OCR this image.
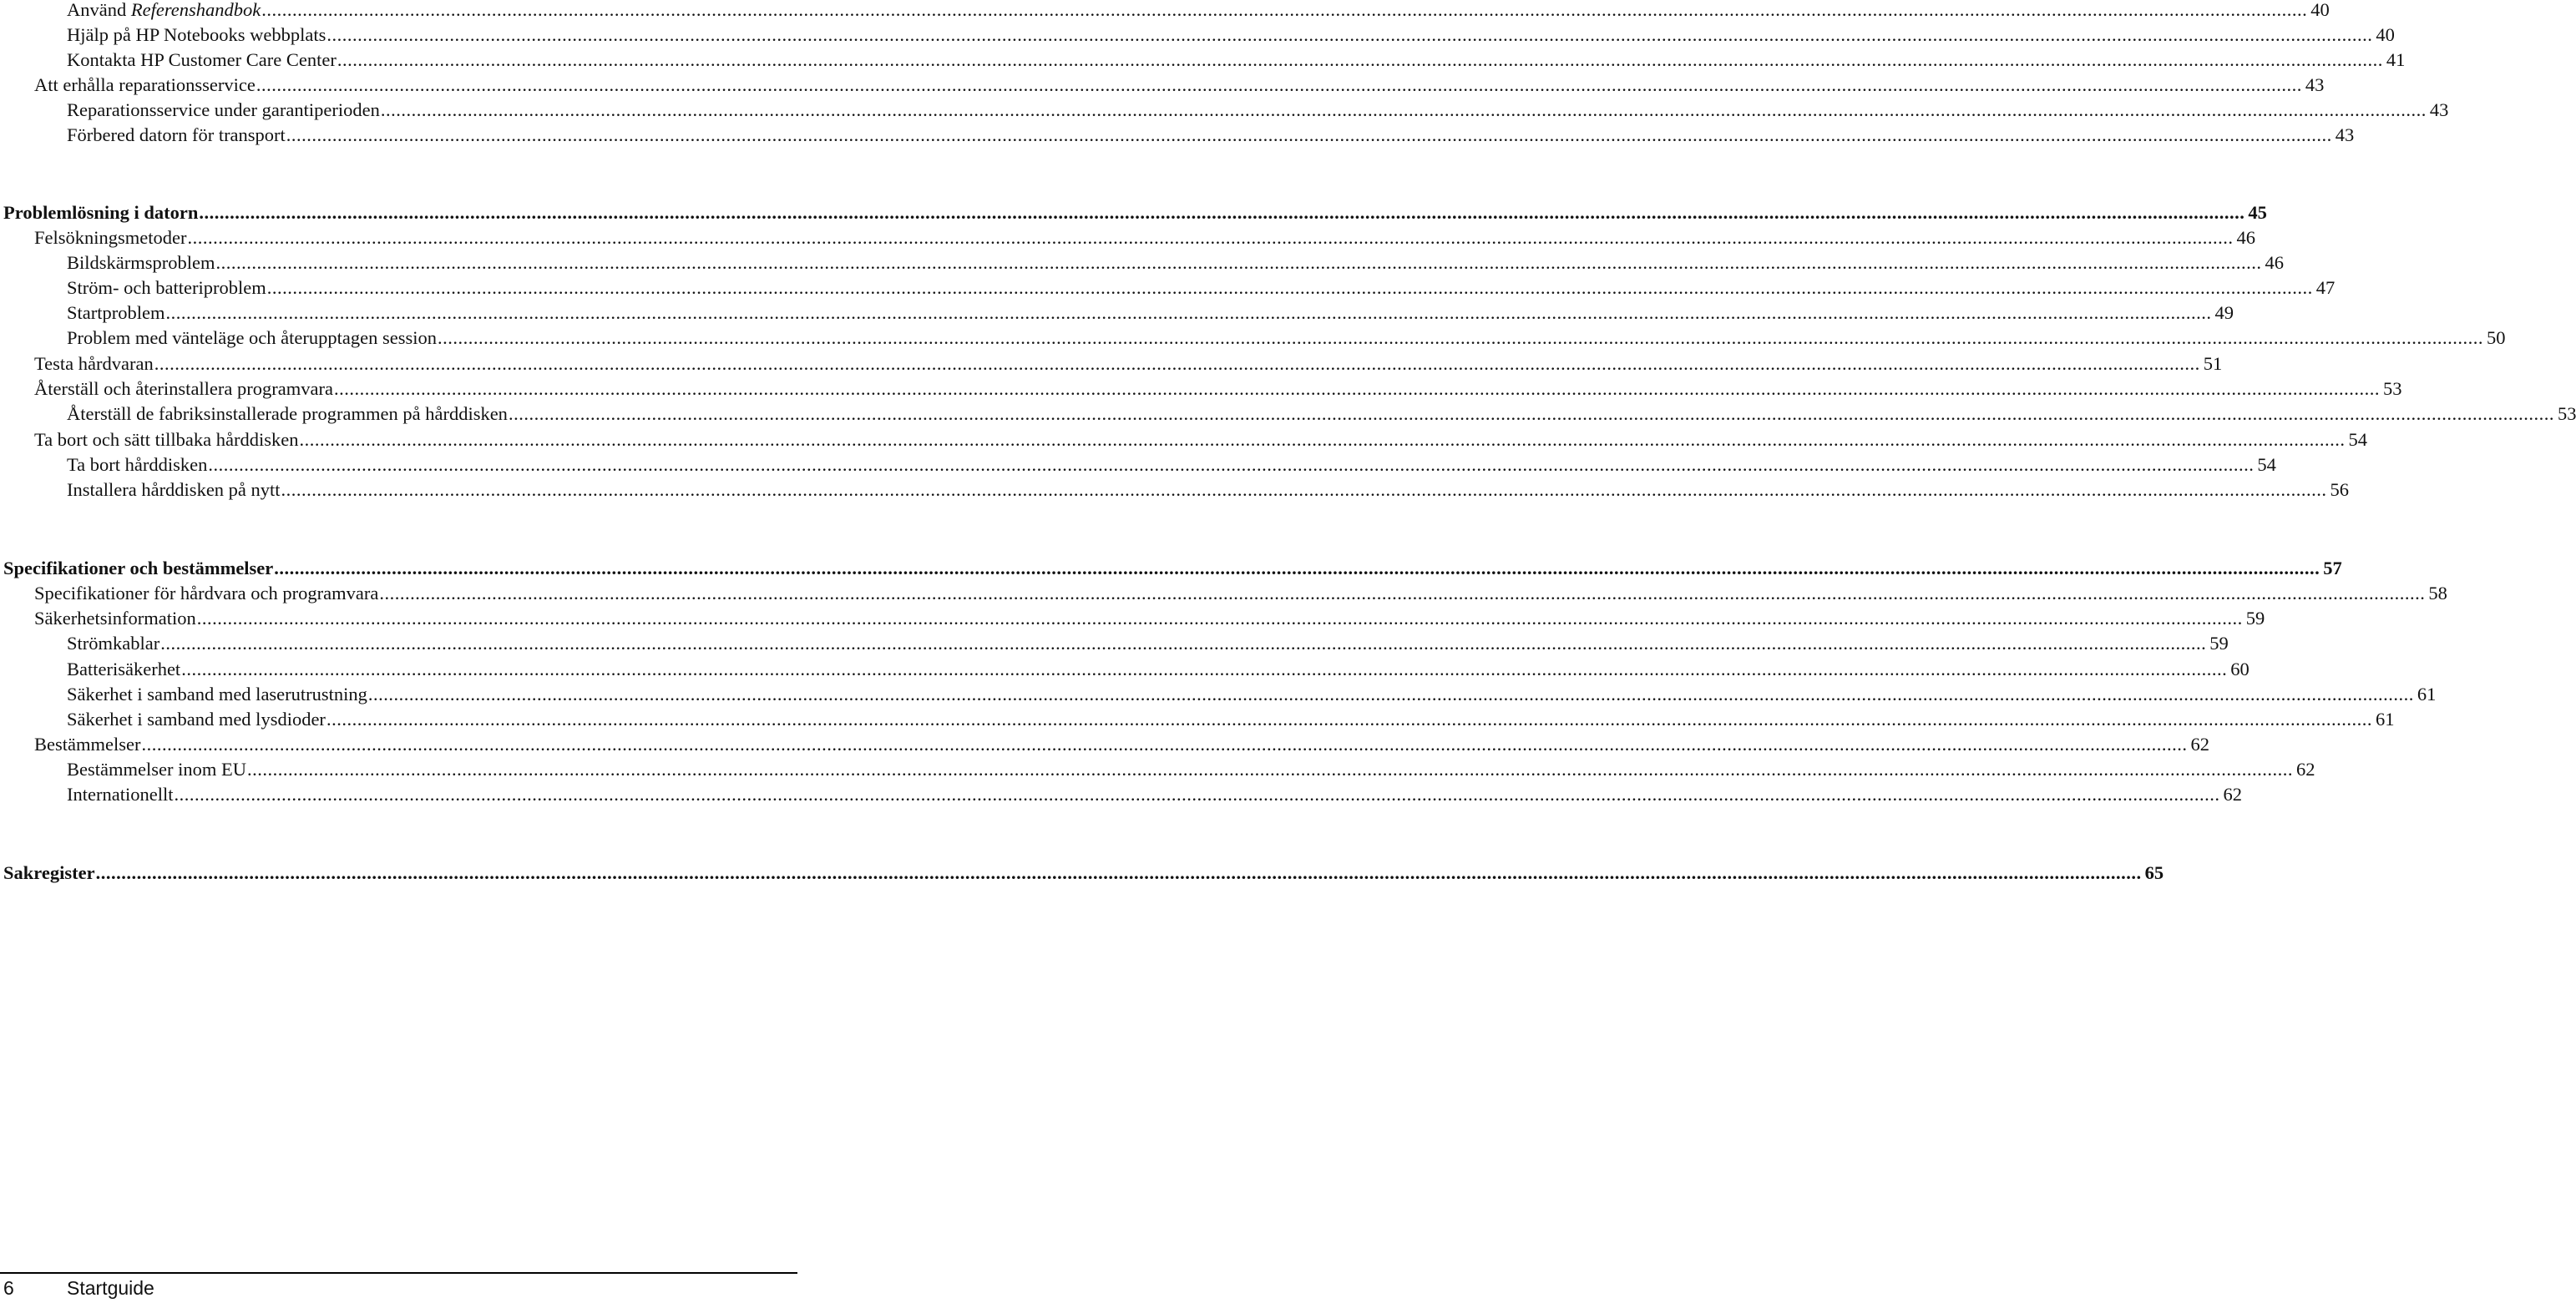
Använd Referenshandbok ................................................................................................................................................................................................................................................................................................................................................................................................................ 40
Hjälp på HP Notebooks webbplats ................................................................................................................................................................................................................................................................................................................................................................................................................ 40
Kontakta HP Customer Care Center ................................................................................................................................................................................................................................................................................................................................................................................................................ 41
Att erhålla reparationsservice ................................................................................................................................................................................................................................................................................................................................................................................................................ 43
Reparationsservice under garantiperioden ................................................................................................................................................................................................................................................................................................................................................................................................................ 43
Förbered datorn för transport ................................................................................................................................................................................................................................................................................................................................................................................................................ 43
Problemlösning i datorn ................................................................................................................................................................................................................................................................................................................................................................................................................ 45
Felsökningsmetoder ................................................................................................................................................................................................................................................................................................................................................................................................................ 46
Bildskärmsproblem ................................................................................................................................................................................................................................................................................................................................................................................................................ 46
Ström- och batteriproblem ................................................................................................................................................................................................................................................................................................................................................................................................................ 47
Startproblem ................................................................................................................................................................................................................................................................................................................................................................................................................ 49
Problem med vänteläge och återupptagen session ................................................................................................................................................................................................................................................................................................................................................................................................................ 50
Testa hårdvaran ................................................................................................................................................................................................................................................................................................................................................................................................................ 51
Återställ och återinstallera programvara ................................................................................................................................................................................................................................................................................................................................................................................................................ 53
Återställ de fabriksinstallerade programmen på hårddisken ................................................................................................................................................................................................................................................................................................................................................................................................................ 53
Ta bort och sätt tillbaka hårddisken ................................................................................................................................................................................................................................................................................................................................................................................................................ 54
Ta bort hårddisken ................................................................................................................................................................................................................................................................................................................................................................................................................ 54
Installera hårddisken på nytt ................................................................................................................................................................................................................................................................................................................................................................................................................ 56
Specifikationer och bestämmelser ................................................................................................................................................................................................................................................................................................................................................................................................................ 57
Specifikationer för hårdvara och programvara ................................................................................................................................................................................................................................................................................................................................................................................................................ 58
Säkerhetsinformation ................................................................................................................................................................................................................................................................................................................................................................................................................ 59
Strömkablar ................................................................................................................................................................................................................................................................................................................................................................................................................ 59
Batterisäkerhet ................................................................................................................................................................................................................................................................................................................................................................................................................ 60
Säkerhet i samband med laserutrustning ................................................................................................................................................................................................................................................................................................................................................................................................................ 61
Säkerhet i samband med lysdioder ................................................................................................................................................................................................................................................................................................................................................................................................................ 61
Bestämmelser ................................................................................................................................................................................................................................................................................................................................................................................................................ 62
Bestämmelser inom EU ................................................................................................................................................................................................................................................................................................................................................................................................................ 62
Internationellt ................................................................................................................................................................................................................................................................................................................................................................................................................ 62
Sakregister ................................................................................................................................................................................................................................................................................................................................................................................................................ 65
6	Startguide
